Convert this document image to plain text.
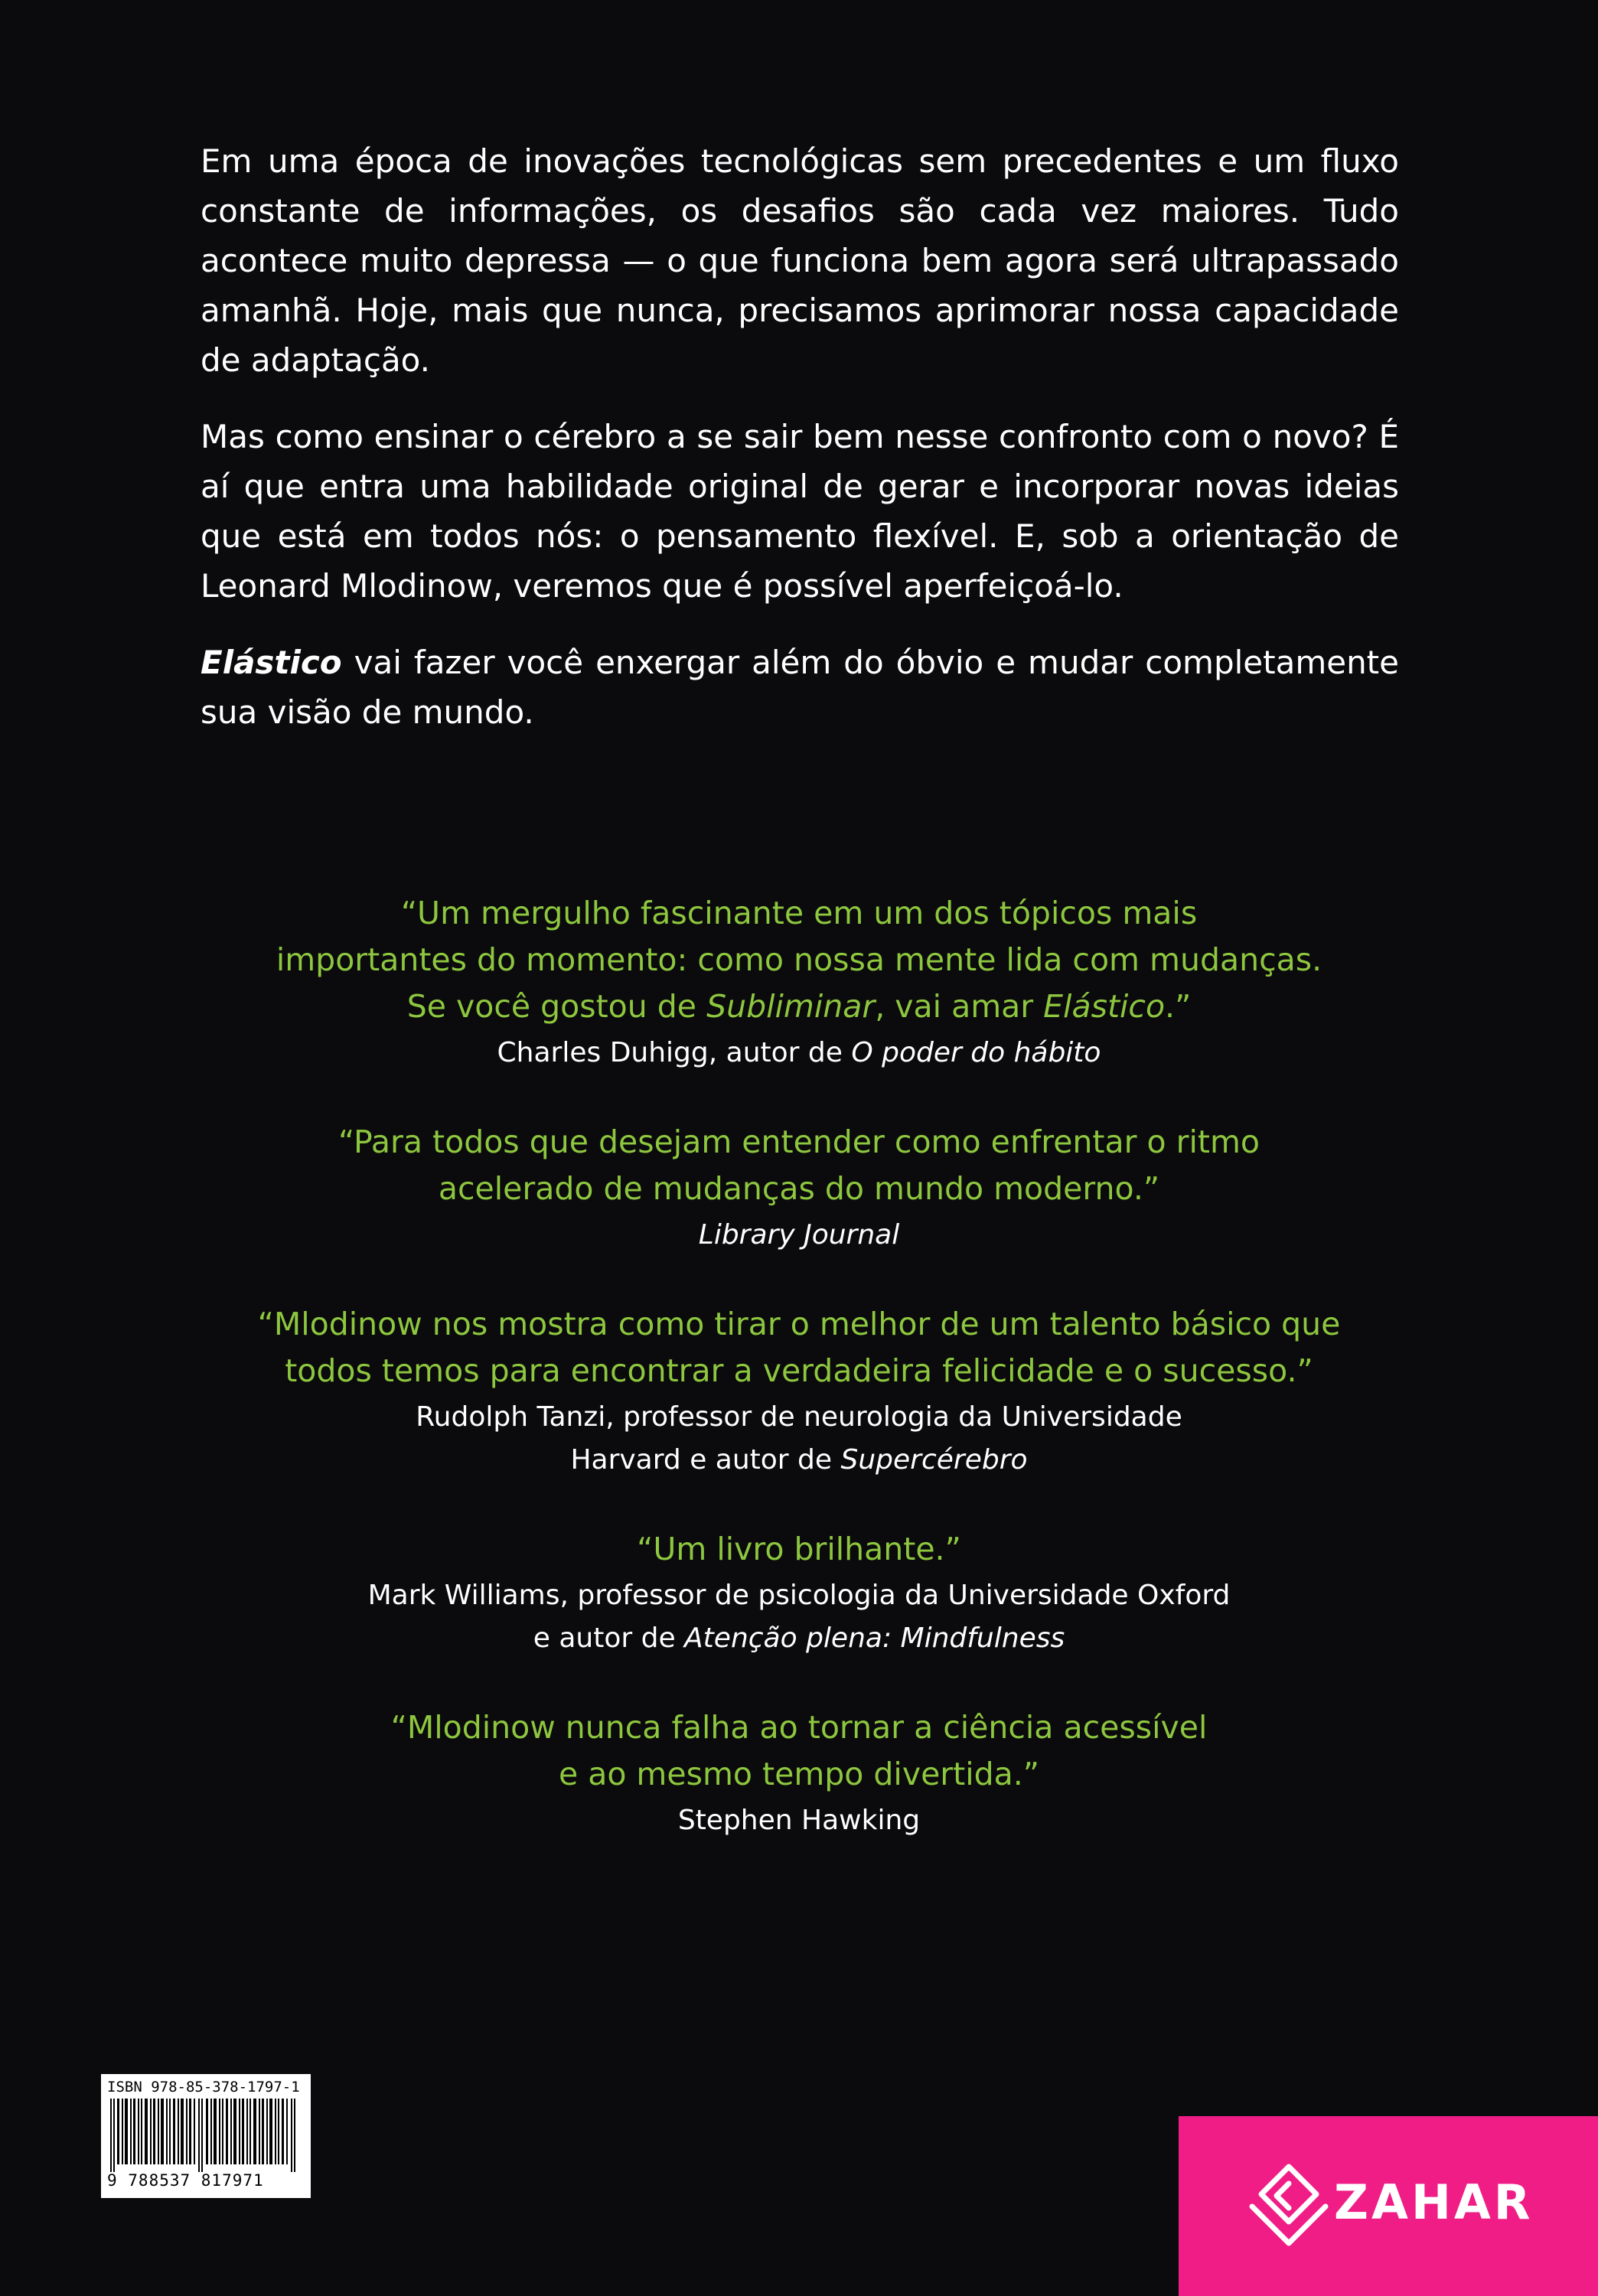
Em uma época de inovações tecnológicas sem precedentes e um fluxo constante de informações, os desafios são cada vez maiores. Tudo acontece muito depressa — o que funciona bem agora será ultrapassado amanhã. Hoje, mais que nunca, precisamos aprimorar nossa capacidade de adaptação.

Mas como ensinar o cérebro a se sair bem nesse confronto com o novo? É aí que entra uma habilidade original de gerar e incorporar novas ideias que está em todos nós: o pensamento flexível. E, sob a orientação de Leonard Mlodinow, veremos que é possível aperfeiçoá-lo.

Elástico vai fazer você enxergar além do óbvio e mudar completamente sua visão de mundo.

“Um mergulho fascinante em um dos tópicos mais

importantes do momento: como nossa mente lida com mudanças.

Se você gostou de Subliminar, vai amar Elástico.”

Charles Duhigg, autor de O poder do hábito

“Para todos que desejam entender como enfrentar o ritmo

acelerado de mudanças do mundo moderno.”

Library Journal

“Mlodinow nos mostra como tirar o melhor de um talento básico que

todos temos para encontrar a verdadeira felicidade e o sucesso.”

Rudolph Tanzi, professor de neurologia da Universidade

Harvard e autor de Supercérebro

“Um livro brilhante.”

Mark Williams, professor de psicologia da Universidade Oxford

e autor de Atenção plena: Mindfulness

“Mlodinow nunca falha ao tornar a ciência acessível

e ao mesmo tempo divertida.”

Stephen Hawking

ISBN 978-85-378-1797-1
9 788537 817971	ZAHAR
